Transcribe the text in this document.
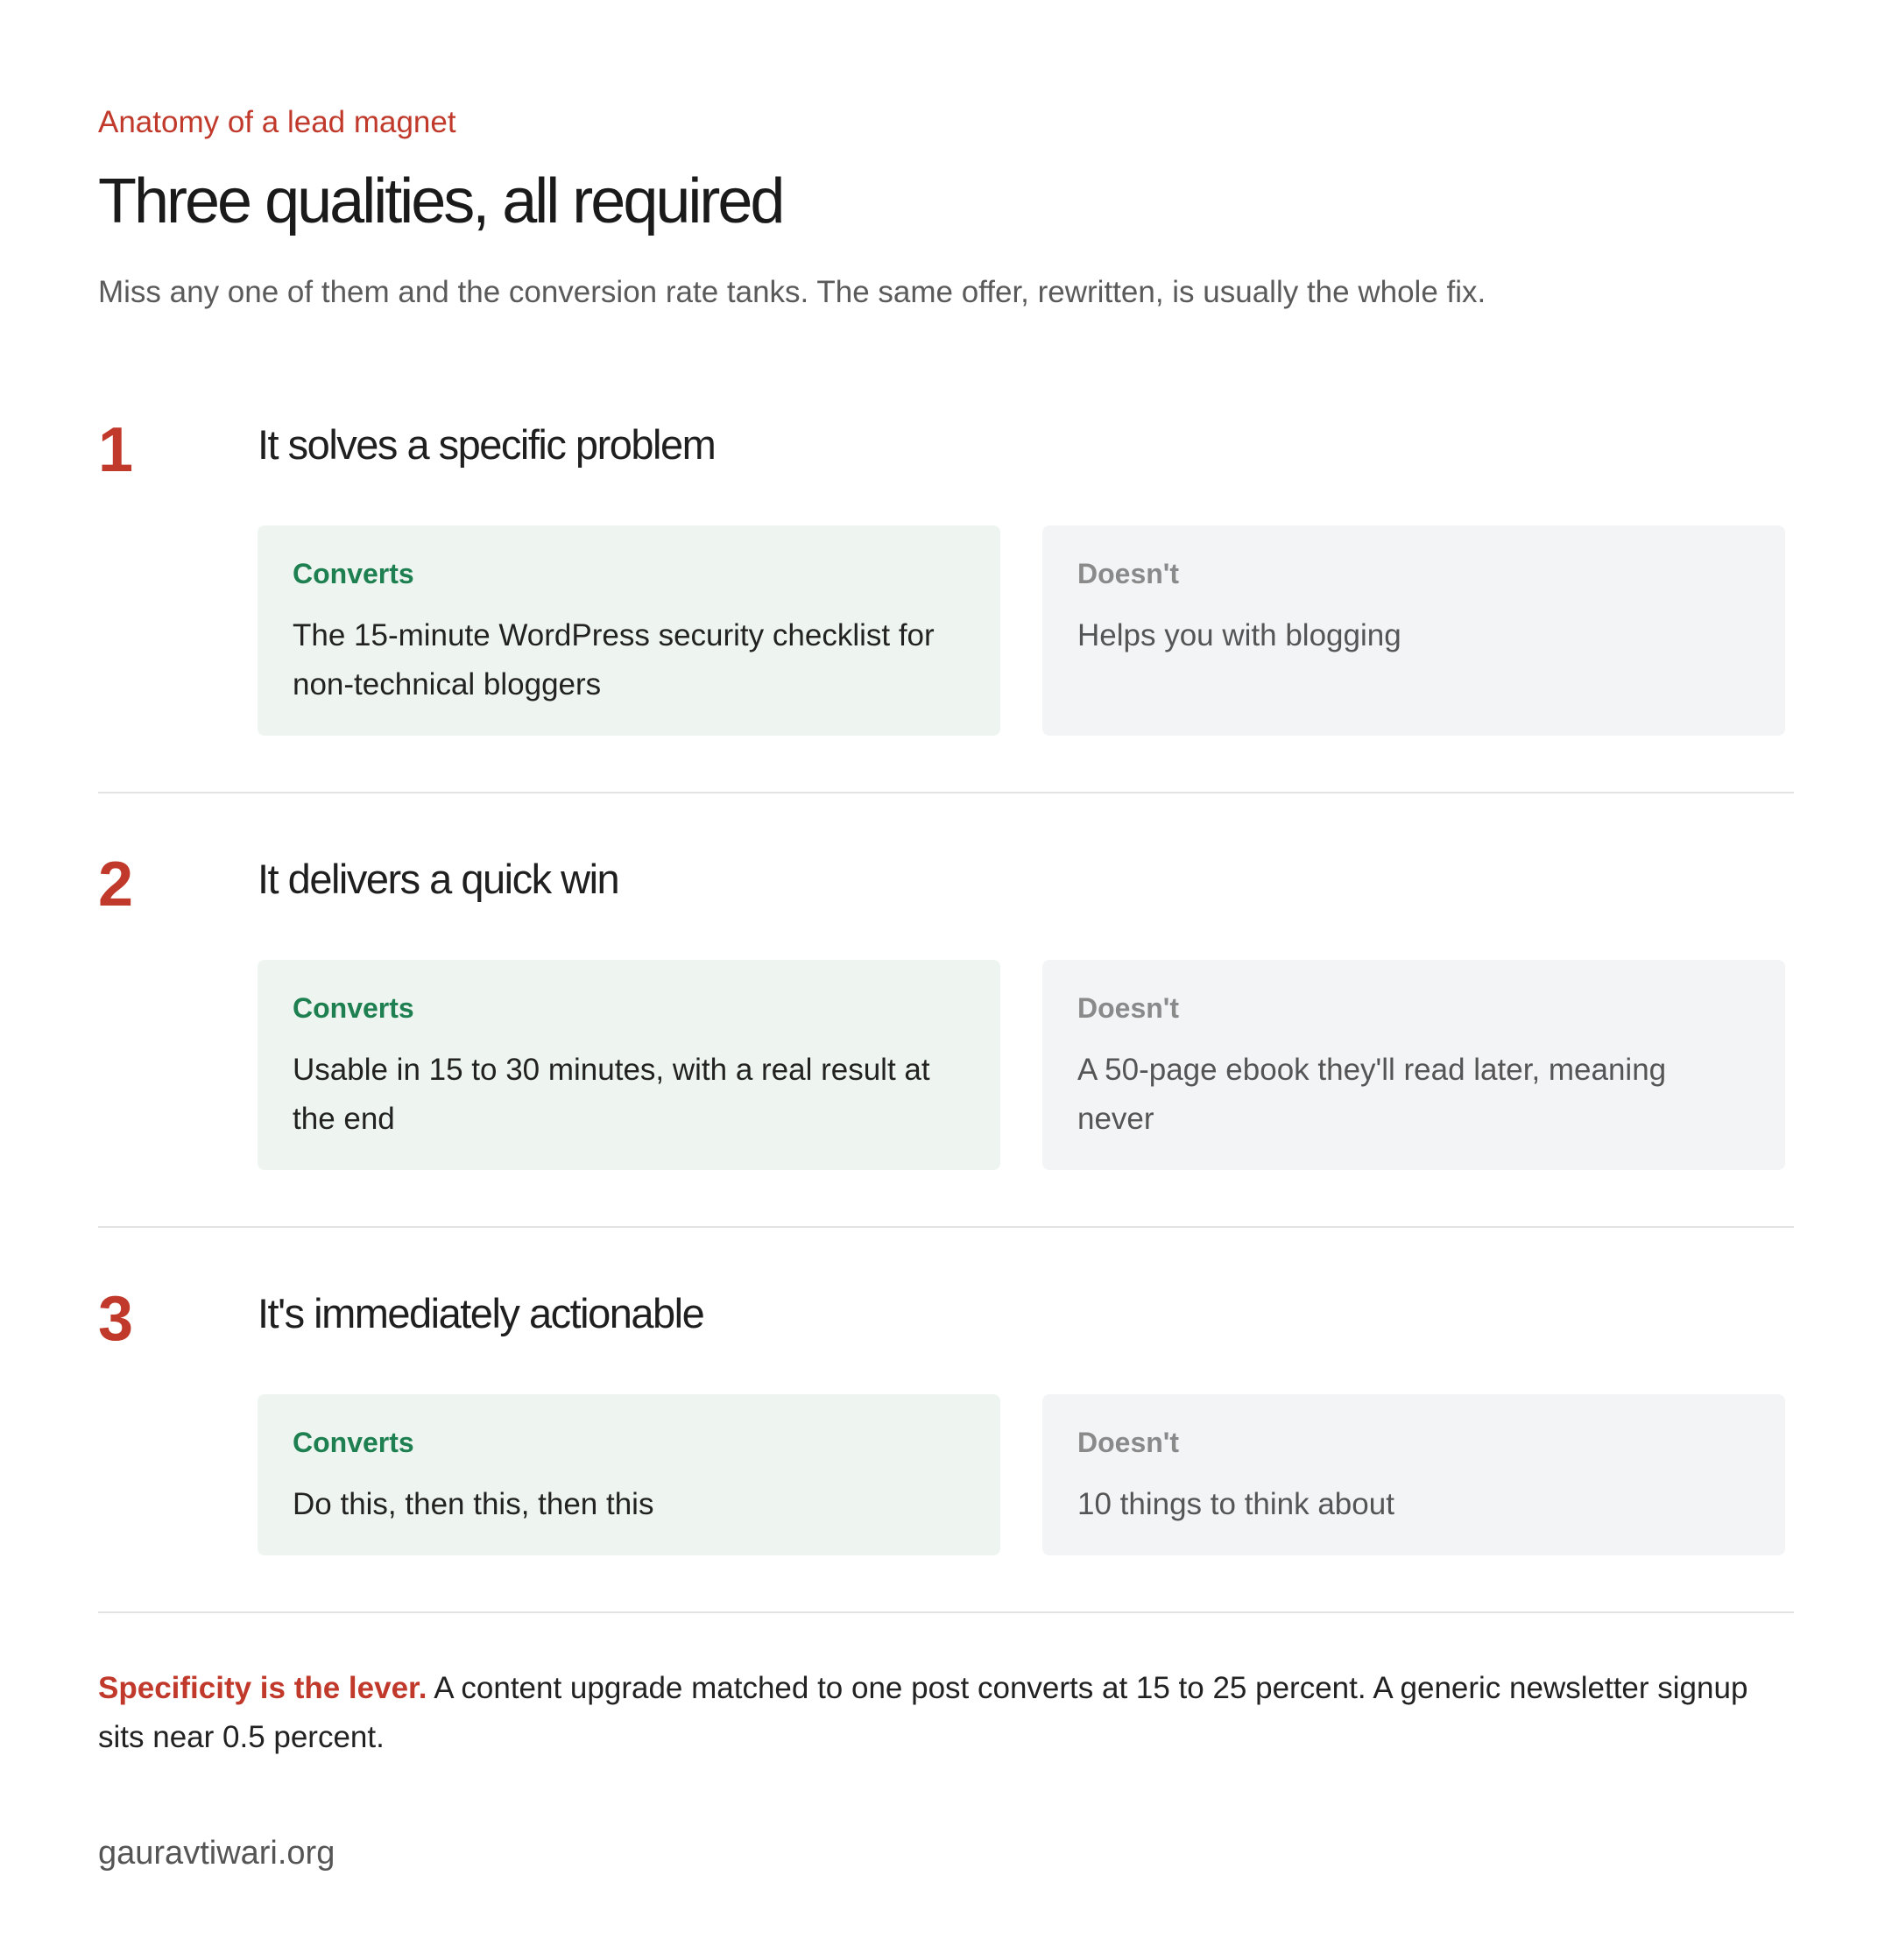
Anatomy of a lead magnet
Three qualities, all required
Miss any one of them and the conversion rate tanks. The same offer, rewritten, is usually the whole fix.
1	It solves a specific problem
Converts
The 15-minute WordPress security checklist for non-technical bloggers
Doesn't
Helps you with blogging
2	It delivers a quick win
Converts
Usable in 15 to 30 minutes, with a real result at the end
Doesn't
A 50-page ebook they'll read later, meaning never
3	It's immediately actionable
Converts
Do this, then this, then this
Doesn't
10 things to think about
Specificity is the lever. A content upgrade matched to one post converts at 15 to 25 percent. A generic newsletter signup sits near 0.5 percent.
gauravtiwari.org
